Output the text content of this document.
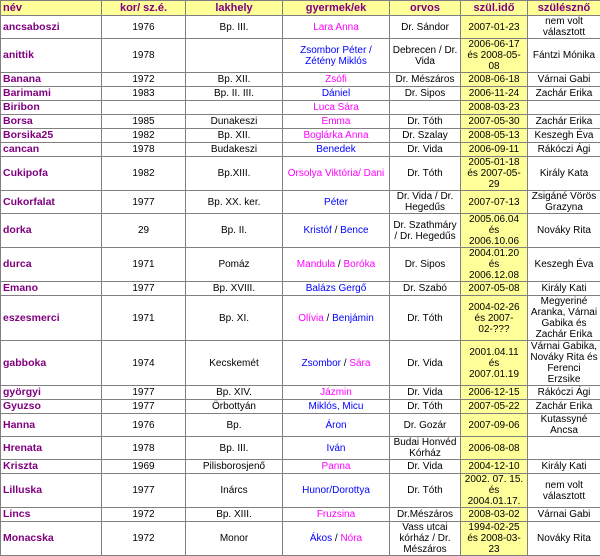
név	kor/ sz.é.	lakhely	gyermek/ek	orvos	szül.idő	szülésznő
ancsaboszi	1976	Bp. III.	Lara Anna	Dr. Sándor	2007-01-23	nem volt választott
anittik	1978		Zsombor Péter / Zétény Miklós	Debrecen / Dr. Vida	2006-06-17 és 2008-05-08	Fántzi Mónika
Banana	1972	Bp. XII.	Zsófi	Dr. Mészáros	2008-06-18	Várnai Gabi
Barimami	1983	Bp. II. III.	Dániel	Dr. Sipos	2006-11-24	Zachár Erika
Biribon			Luca Sára		2008-03-23	
Borsa	1985	Dunakeszi	Emma	Dr. Tóth	2007-05-30	Zachár Erika
Borsika25	1982	Bp. XII.	Boglárka Anna	Dr. Szalay	2008-05-13	Keszegh Éva
cancan	1978	Budakeszi	Benedek	Dr. Vida	2006-09-11	Rákóczi Ági
Cukipofa	1982	Bp.XIII.	Orsolya Viktória/ Dani	Dr. Tóth	2005-01-18 és 2007-05-29	Király Kata
Cukorfalat	1977	Bp. XX. ker.	Péter	Dr. Vida / Dr. Hegedűs	2007-07-13	Zsigáné Vörös Grazyna
dorka	29	Bp. II.	Kristóf / Bence	Dr. Szathmáry / Dr. Hegedűs	2005.06.04 és 2006.10.06	Nováky Rita
durca	1971	Pomáz	Mandula / Boróka	Dr. Sipos	2004.01.20 és 2006.12.08	Keszegh Éva
Emano	1977	Bp. XVIII.	Balázs Gergő	Dr. Szabó	2007-05-08	Király Kati
eszesmerci	1971	Bp. XI.	Olívia / Benjámin	Dr. Tóth	2004-02-26 és 2007-02-???	Megyeriné Aranka, Várnai Gabika és Zachár Erika
gabboka	1974	Kecskemét	Zsombor / Sára	Dr. Vida	2001.04.11 és 2007.01.19	Várnai Gabika, Nováky Rita és Ferenci Erzsike
györgyi	1977	Bp. XIV.	Jázmin	Dr. Vida	2006-12-15	Rákóczi Ági
Gyuzso	1977	Örbottyán	Miklós, Micu	Dr. Tóth	2007-05-22	Zachár Erika
Hanna	1976	Bp.	Áron	Dr. Gozár	2007-09-06	Kutassyné Ancsa
Hrenata	1978	Bp. III.	Iván	Budai Honvéd Kórház	2006-08-08	
Kriszta	1969	Pilisborosjenő	Panna	Dr. Vida	2004-12-10	Király Kati
Lilluska	1977	Inárcs	Hunor/Dorottya	Dr. Tóth	2002. 07. 15. és 2004.01.17.	nem volt választott
Lincs	1972	Bp. XIII.	Fruzsina	Dr.Mészáros	2008-03-02	Várnai Gabi
Monacska	1972	Monor	Ákos / Nóra	Vass utcai kórház / Dr. Mészáros	1994-02-25 és 2008-03-23	Nováky Rita
